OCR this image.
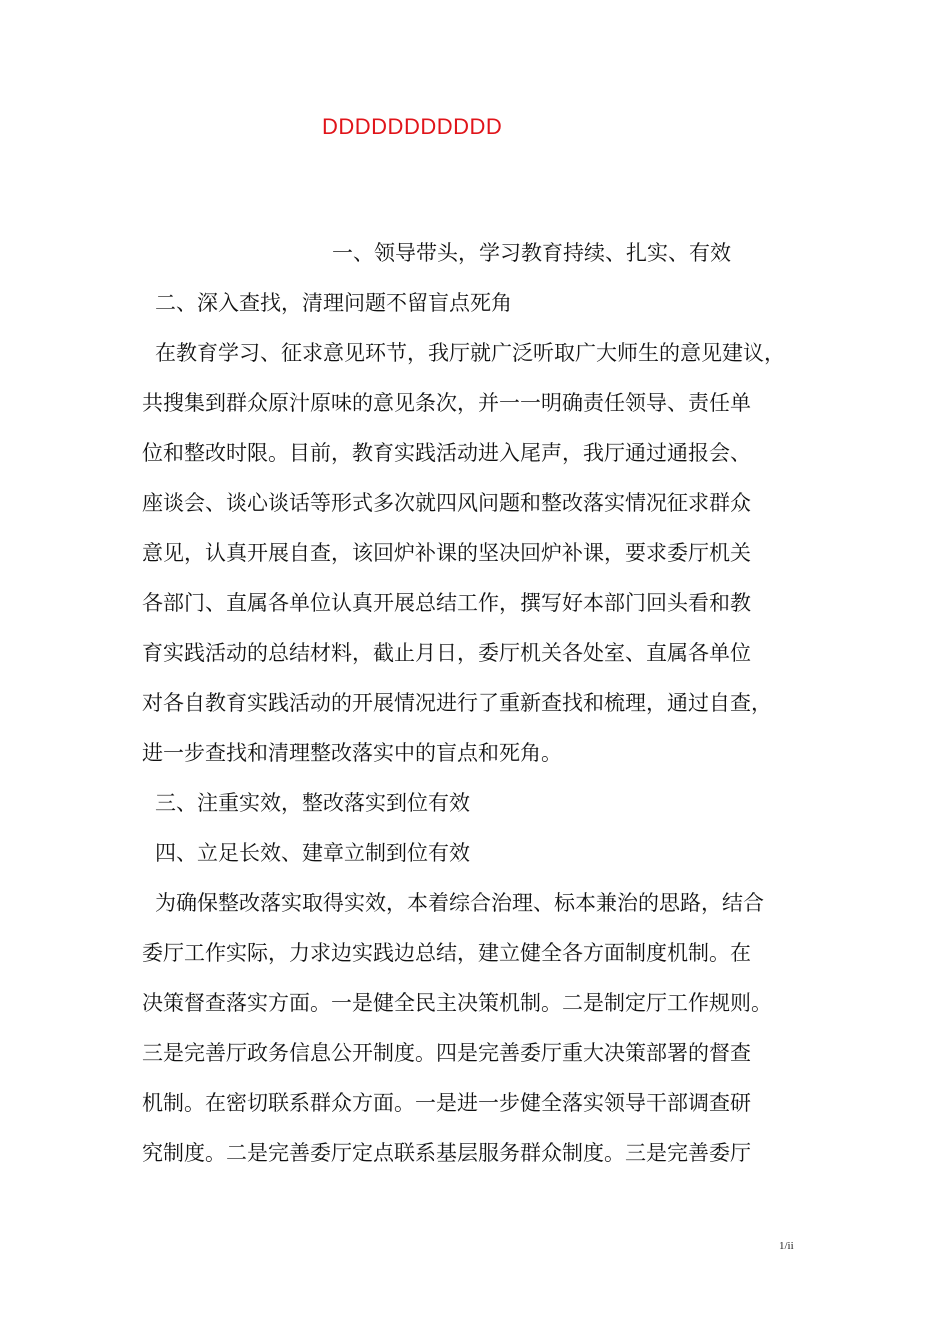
DDDDDDDDDDD
一、领导带头，学习教育持续、扎实、有效
二、深入查找，清理问题不留盲点死角
在教育学习、征求意见环节，我厅就广泛听取广大师生的意见建议，
共搜集到群众原汁原味的意见条次，并一一明确责任领导、责任单
位和整改时限。目前，教育实践活动进入尾声，我厅通过通报会、
座谈会、谈心谈话等形式多次就四风问题和整改落实情况征求群众
意见，认真开展自查，该回炉补课的坚决回炉补课，要求委厅机关
各部门、直属各单位认真开展总结工作，撰写好本部门回头看和教
育实践活动的总结材料，截止月日，委厅机关各处室、直属各单位
对各自教育实践活动的开展情况进行了重新查找和梳理，通过自查，
进一步查找和清理整改落实中的盲点和死角。
三、注重实效，整改落实到位有效
四、立足长效、建章立制到位有效
为确保整改落实取得实效，本着综合治理、标本兼治的思路，结合
委厅工作实际，力求边实践边总结，建立健全各方面制度机制。在
决策督查落实方面。一是健全民主决策机制。二是制定厅工作规则。
三是完善厅政务信息公开制度。四是完善委厅重大决策部署的督查
机制。在密切联系群众方面。一是进一步健全落实领导干部调查研
究制度。二是完善委厅定点联系基层服务群众制度。三是完善委厅
1/ii
